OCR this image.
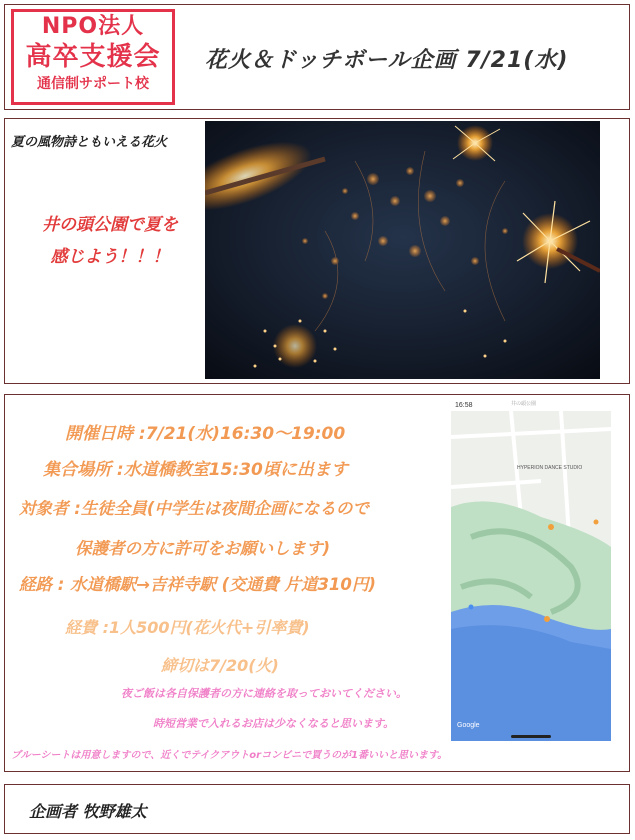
NPO法人
高卒支援会
通信制サポート校
花火＆ドッチボール企画 7/21(水)
夏の風物詩ともいえる花火
井の頭公園で夏を
感じよう！！！
開催日時 :7/21(水)16:30〜19:00
集合場所 :水道橋教室15:30頃に出ます
対象者 :生徒全員(中学生は夜間企画になるので
保護者の方に許可をお願いします)
経路 : 水道橋駅→吉祥寺駅 (交通費 片道310円)
経費 :1人500円(花火代+引率費)
締切は7/20(火)
夜ご飯は各自保護者の方に連絡を取っておいてください。
時短営業で入れるお店は少なくなると思います。
ブルーシートは用意しますので、近くでテイクアウトorコンビニで買うのが1番いいと思います。
16:58	井の頭公園
HYPERION DANCE STUDIO
Google
企画者 牧野雄太
